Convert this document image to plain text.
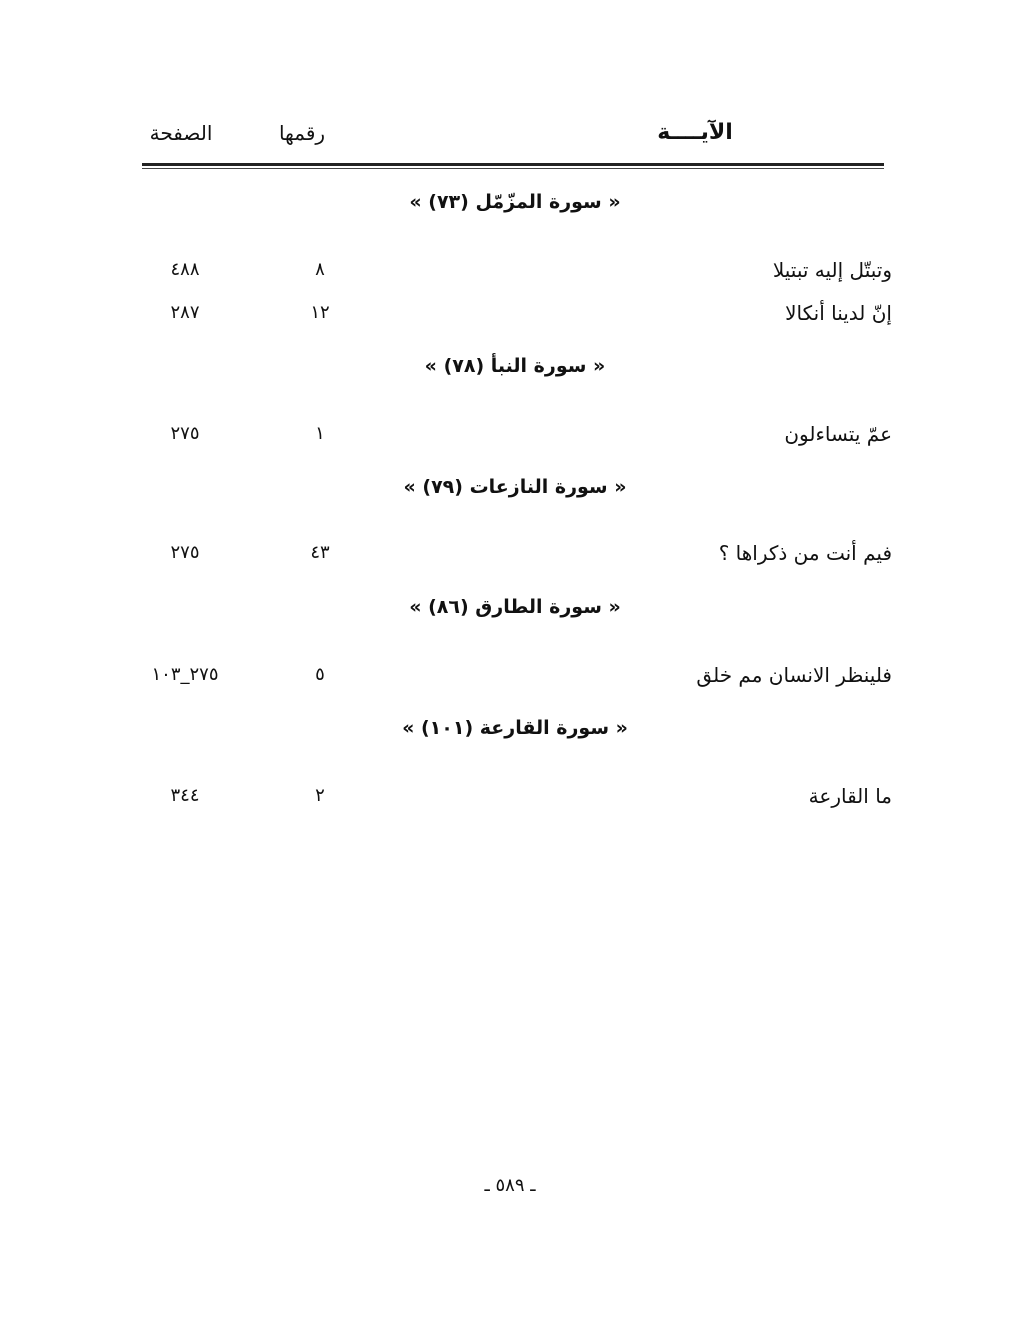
الآيــــة
رقمها
الصفحة
« سورة المزّمّل (٧٣) »
وتبتّل إليه تبتيلا
٨
٤٨٨
إنّ لدينا أنكالا
١٢
٢٨٧
« سورة النبأ (٧٨) »
عمّ يتساءلون
١
٢٧٥
« سورة النازعات (٧٩) »
فيم أنت من ذكراها ؟
٤٣
٢٧٥
« سورة الطارق (٨٦) »
فلينظر الانسان مم خلق
٥
٢٧٥_١٠٣
« سورة القارعة (١٠١) »
ما القارعة
٢
٣٤٤
ـ ٥٨٩ ـ
